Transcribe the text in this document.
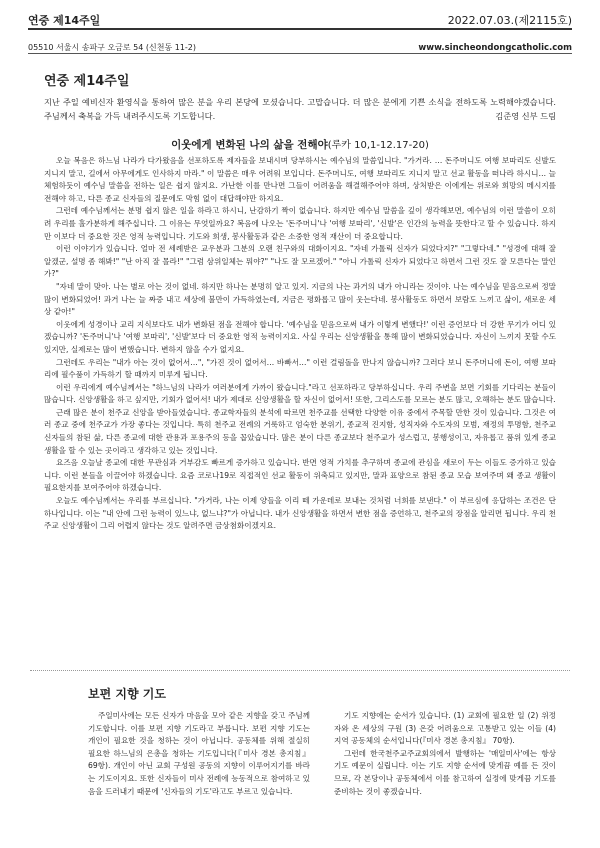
연중 제14주일	2022.07.03.(제2115호)
05510 서울시 송파구 오금로 54 (신천동 11-2)	www.sincheondongcatholic.com
연중 제14주일
지난 주일 예비신자 환영식을 통하여 많은 분을 우리 본당에 모셨습니다. 고맙습니다. 더 많은 분에게 기쁜 소식을 전하도록 노력해야겠습니다. 주님께서 축복을 가득 내려주시도록 기도합니다.	김준영 신부 드림
이웃에게 변화된 나의 삶을 전해야(루카 10,1-12.17-20)

오늘 복음은 하느님 나라가 다가왔음을 선포하도록 제자들을 보내시며 당부하시는 예수님의 말씀입니다. "가거라. … 돈주머니도 여행 보따리도 신발도 지니지 말고, 길에서 아무에게도 인사하지 마라." 이 말씀은 매우 어려워 보입니다. 돈주머니도, 여행 보따리도 지니지 말고 선교 활동을 떠나라 하시니… 늘 체험하듯이 예수님 말씀을 전하는 일은 쉽지 않지요. 가난한 이를 만나면 그들이 어려움을 해결해주어야 하며, 상처받은 이에게는 위로와 희망의 메시지를 전해야 하고, 다른 종교 신자들의 질문에도 막힘 없이 대답해야만 하지요.

그런데 예수님께서는 분명 쉽지 않은 일을 하라고 하시니, 난감하기 짝이 없습니다. 하지만 예수님 말씀을 깊이 생각해보면, 예수님의 이런 말씀이 오히려 우리를 홀가분하게 해주십니다. 그 이유는 무엇일까요? 복음에 나오는 '돈주머니'나 '여행 보따리', '신발'은 인간의 능력을 뜻한다고 할 수 있습니다. 하지만 이보다 더 중요한 것은 영적 능력입니다. 기도와 희생, 봉사활동과 같은 소중한 영적 재산이 더 중요합니다.

이런 이야기가 있습니다. 얼마 전 세례받은 교우분과 그분의 오랜 친구와의 대화이지요. "자네 가톨릭 신자가 되었다지?" "그렇다네." "성경에 대해 잘 알겠군, 설명 좀 해봐!" "난 아직 잘 몰라!" "그럼 삼위일체는 뭐야?" "나도 잘 모르겠어." "아니 가톨릭 신자가 되었다고 하면서 그런 것도 잘 모른다는 말인가?"

"자네 말이 맞아. 나는 별로 아는 것이 없네. 하지만 하나는 분명히 알고 있지. 지금의 나는 과거의 내가 아니라는 것이야. 나는 예수님을 믿음으로써 정말 많이 변화되었어! 과거 나는 늘 짜증 내고 세상에 불만이 가득하였는데, 지금은 평화롭고 많이 웃는다네. 봉사활동도 하면서 보람도 느끼고 삶이, 새로운 세상 같아!"

이웃에게 성경이나 교리 지식보다도 내가 변화된 점을 전해야 합니다. '예수님을 믿음으로써 내가 이렇게 변했다!' 이런 증언보다 더 강한 무기가 어디 있겠습니까? '돈주머니'나 '여행 보따리', '신발'보다 더 중요한 영적 능력이지요. 사실 우리는 신앙생활을 통해 많이 변화되었습니다. 자신이 느끼지 못할 수도 있지만, 실제로는 많이 변했습니다. 변하지 않을 수가 없지요.

그런데도 우리는 "내가 아는 것이 없어서…", "가진 것이 없어서… 바빠서…" 이런 걸림돌을 만나지 않습니까? 그러다 보니 돈주머니에 돈이, 여행 보따리에 필수품이 가득하기 할 때까지 미루게 됩니다.

이런 우리에게 예수님께서는 "하느님의 나라가 여러분에게 가까이 왔습니다."라고 선포하라고 당부하십니다. 우리 주변을 보면 기회를 기다리는 분들이 많습니다. 신앙생활을 하고 싶지만, 기회가 없어서! 내가 제대로 신앙생활을 할 자신이 없어서! 또한, 그리스도를 모르는 분도 많고, 오해하는 분도 많습니다.

근래 많은 분이 천주교 신앙을 받아들였습니다. 종교학자들의 분석에 따르면 천주교를 선택한 다양한 이유 중에서 주목할 만한 것이 있습니다. 그것은 여러 종교 중에 천주교가 가장 좋다는 것입니다. 특히 천주교 전례의 거룩하고 엄숙한 분위기, 종교적 진지함, 성직자와 수도자의 모범, 재정의 투명함, 천주교 신자들의 참된 삶, 다른 종교에 대한 관용과 포용주의 등을 꼽았습니다. 많은 분이 다른 종교보다 천주교가 성스럽고, 봉행성이고, 자유롭고 품위 있게 종교 생활을 할 수 있는 곳이라고 생각하고 있는 것입니다.

요즈음 오늘날 종교에 대한 무관심과 거부감도 빠르게 증가하고 있습니다. 반면 영적 가치를 추구하며 종교에 관심을 새로이 두는 이들도 증가하고 있습니다. 이런 분들을 이끌어야 하겠습니다. 요즘 코로나19로 직접적인 선교 활동이 위축되고 있지만, 말과 표양으로 참된 종교 모습 보여주며 왜 종교 생활이 필요한지를 보여주어야 하겠습니다.

오늘도 예수님께서는 우리를 부르십니다. "가거라, 나는 이제 양들을 이리 떼 가운데로 보내는 것처럼 너희를 보낸다." 이 부르심에 응답하는 조건은 단 하나입니다. 이는 "내 안에 그런 능력이 있느냐, 없느냐?"가 아닙니다. 내가 신앙생활을 하면서 변한 점을 증언하고, 천주교의 장점을 알리면 됩니다. 우리 천주교 신앙생활이 그리 어렵지 않다는 것도 알려주면 금상첨화이겠지요.

보편 지향 기도

주일미사에는 모든 신자가 마음을 모아 같은 지향을 갖고 주님께 기도합니다. 이를 보편 지향 기도라고 부릅니다. 보편 지향 기도는 개인이 필요한 것을 청하는 것이 아닙니다. 공동체를 위해 절실히 필요한 하느님의 은총을 청하는 기도입니다(『미사 경본 총지침』 69항). 개인이 아닌 교회 구성원 공동의 지향이 이루어지기를 바라는 기도이지요. 또한 신자들이 미사 전례에 능동적으로 참여하고 있음을 드러내기 때문에 '신자들의 기도'라고도 부르고 있습니다.

기도 지향에는 순서가 있습니다. (1) 교회에 필요한 일 (2) 위정자와 온 세상의 구원 (3) 온갖 어려움으로 고통받고 있는 이들 (4) 지역 공동체의 순서입니다(『미사 경본 총지침』 70항).

그런데 한국천주교주교회의에서 발행하는 '매일미사'에는 항상 기도 예문이 실립니다. 이는 기도 지향 순서에 맞게끔 예를 든 것이므로, 각 본당이나 공동체에서 이를 참고하여 실정에 맞게끔 기도를 준비하는 것이 좋겠습니다.
